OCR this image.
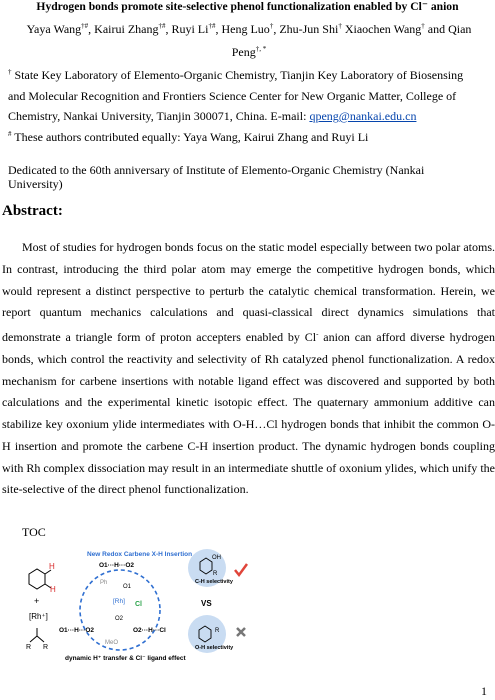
Hydrogen bonds promote site-selective phenol functionalization enabled by Cl⁻ anion
Yaya Wang†#, Kairui Zhang†#, Ruyi Li†#, Heng Luo†, Zhu-Jun Shi† Xiaochen Wang† and Qian
Peng†, *
† State Key Laboratory of Elemento-Organic Chemistry, Tianjin Key Laboratory of Biosensing
and Molecular Recognition and Frontiers Science Center for New Organic Matter, College of
Chemistry, Nankai University, Tianjin 300071, China. E-mail: qpeng@nankai.edu.cn
# These authors contributed equally: Yaya Wang, Kairui Zhang and Ruyi Li
Dedicated to the 60th anniversary of Institute of Elemento-Organic Chemistry (Nankai University)
Abstract:
Most of studies for hydrogen bonds focus on the static model especially between two polar atoms. In contrast, introducing the third polar atom may emerge the competitive hydrogen bonds, which would represent a distinct perspective to perturb the catalytic chemical transformation. Herein, we report quantum mechanics calculations and quasi-classical direct dynamics simulations that demonstrate a triangle form of proton accepters enabled by Cl- anion can afford diverse hydrogen bonds, which control the reactivity and selectivity of Rh catalyzed phenol functionalization. A redox mechanism for carbene insertions with notable ligand effect was discovered and supported by both calculations and the experimental kinetic isotopic effect. The quaternary ammonium additive can stabilize key oxonium ylide intermediates with O-H…Cl hydrogen bonds that inhibit the common O-H insertion and promote the carbene C-H insertion product. The dynamic hydrogen bonds coupling with Rh complex dissociation may result in an intermediate shuttle of oxonium ylides, which unify the site-selective of the direct phenol functionalization.
TOC
H
H
+
[Rh⁺]
R R
New Redox Carbene X-H Insertion
O1···H···O2
Ph
[Rh] Cl
O1
O2
MeO
O1···H···O2	O2···H···Cl
dynamic H⁺ transfer & Cl⁻ ligand effect
OH
R
C-H selectivity
VS
R
O-H selectivity
1
